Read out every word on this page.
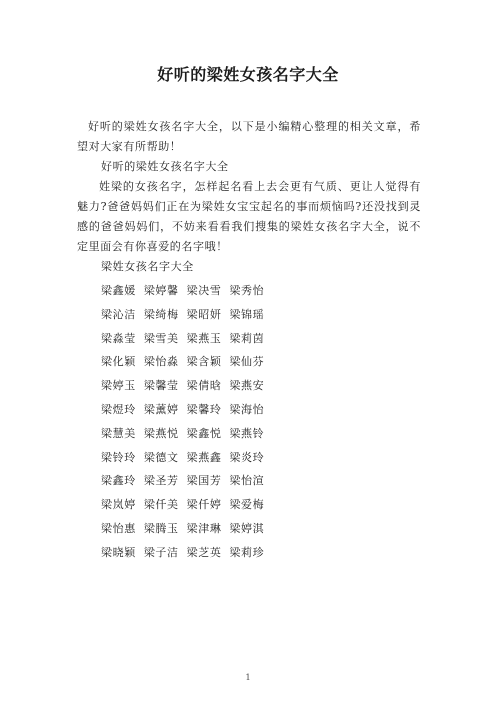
好听的梁姓女孩名字大全

好听的梁姓女孩名字大全，以下是小编精心整理的相关文章，希望对大家有所帮助！

好听的梁姓女孩名字大全

姓梁的女孩名字，怎样起名看上去会更有气质、更让人觉得有魅力?爸爸妈妈们正在为梁姓女宝宝起名的事而烦恼吗?还没找到灵感的爸爸妈妈们，不妨来看看我们搜集的梁姓女孩名字大全，说不定里面会有你喜爱的名字哦！

梁姓女孩名字大全

梁鑫媛 梁婷馨 梁决雪 梁秀怡
梁沁洁 梁绮梅 梁昭妍 梁锦瑶
梁淼莹 梁雪美 梁燕玉 梁莉茵
梁化颖 梁怡淼 梁含颖 梁仙芬
梁婷玉 梁馨莹 梁倩晗 梁燕安
梁煜玲 梁薰婷 梁馨玲 梁海怡
梁慧美 梁燕悦 梁鑫悦 梁燕铃
梁铃玲 梁德文 梁燕鑫 梁炎玲
梁鑫玲 梁圣芳 梁国芳 梁怡渲
梁岚婷 梁仟美 梁仟婷 梁爱梅
梁怡惠 梁腾玉 梁津琳 梁婷淇
梁晓颖 梁子洁 梁芝英 梁莉珍
1
